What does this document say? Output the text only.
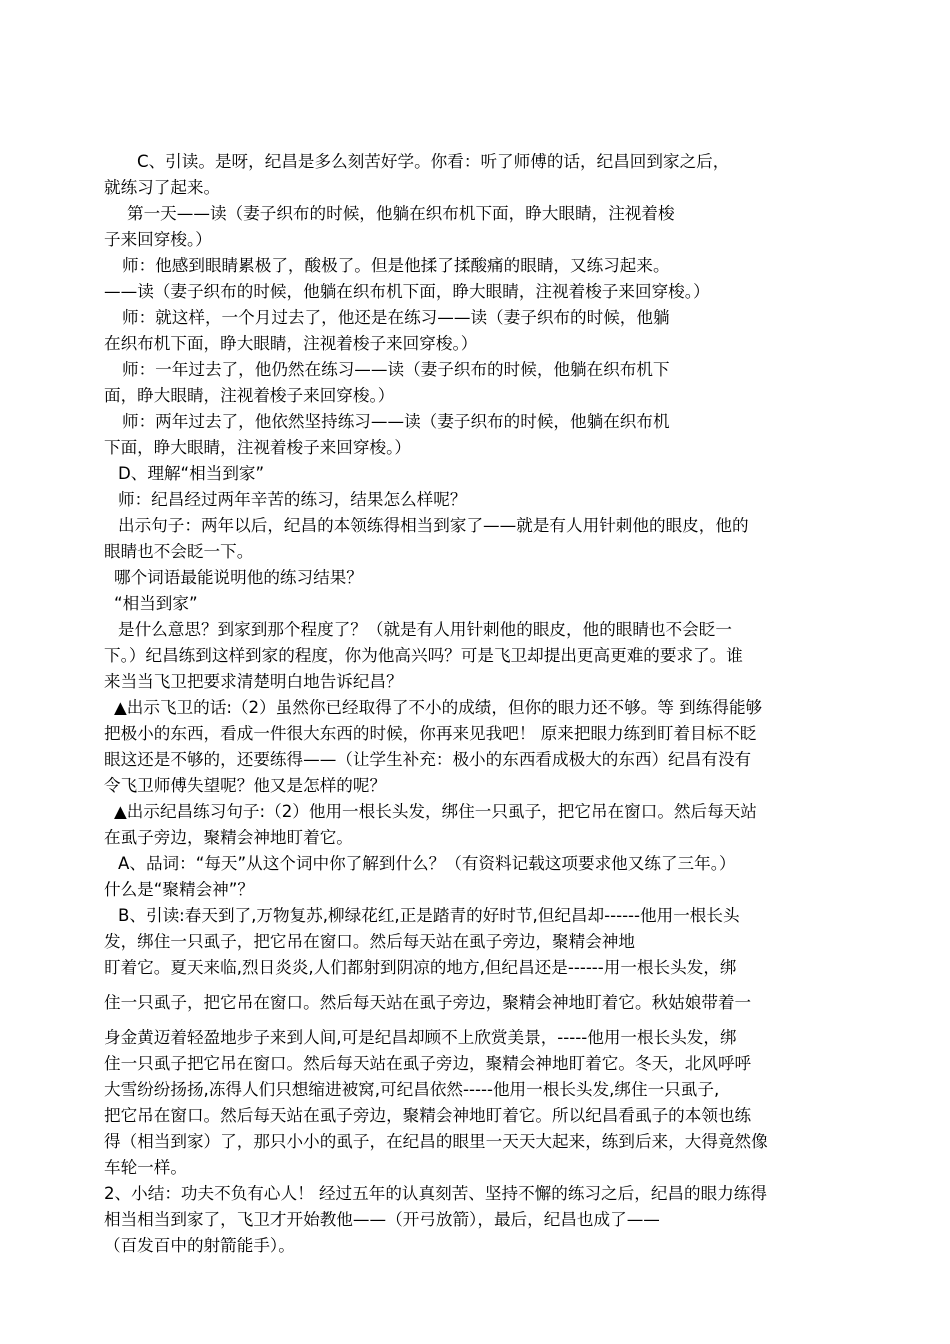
C、引读。是呀，纪昌是多么刻苦好学。你看：听了师傅的话，纪昌回到家之后，
就练习了起来。
第一天——读（妻子织布的时候，他躺在织布机下面，睁大眼睛，注视着梭
子来回穿梭。）
师：他感到眼睛累极了，酸极了。但是他揉了揉酸痛的眼睛，又练习起来。
——读（妻子织布的时候，他躺在织布机下面，睁大眼睛，注视着梭子来回穿梭。）
师：就这样，一个月过去了，他还是在练习——读（妻子织布的时候，他躺
在织布机下面，睁大眼睛，注视着梭子来回穿梭。）
师：一年过去了，他仍然在练习——读（妻子织布的时候，他躺在织布机下
面，睁大眼睛，注视着梭子来回穿梭。）
师：两年过去了，他依然坚持练习——读（妻子织布的时候，他躺在织布机
下面，睁大眼睛，注视着梭子来回穿梭。）
D、理解“相当到家”
师：纪昌经过两年辛苦的练习，结果怎么样呢？
出示句子：两年以后，纪昌的本领练得相当到家了——就是有人用针刺他的眼皮，他的
眼睛也不会眨一下。
哪个词语最能说明他的练习结果？
“相当到家”
是什么意思？到家到那个程度了？（就是有人用针刺他的眼皮，他的眼睛也不会眨一
下。）纪昌练到这样到家的程度，你为他高兴吗？可是飞卫却提出更高更难的要求了。谁
来当当飞卫把要求清楚明白地告诉纪昌？
▲出示飞卫的话:（2）虽然你已经取得了不小的成绩，但你的眼力还不够。等 到练得能够
把极小的东西，看成一件很大东西的时候，你再来见我吧！ 原来把眼力练到盯着目标不眨
眼这还是不够的，还要练得——（让学生补充：极小的东西看成极大的东西）纪昌有没有
令飞卫师傅失望呢？他又是怎样的呢？
▲出示纪昌练习句子:（2）他用一根长头发，绑住一只虱子，把它吊在窗口。然后每天站
在虱子旁边，聚精会神地盯着它。
A、品词：“每天”从这个词中你了解到什么？（有资料记载这项要求他又练了三年。）
什么是“聚精会神”？
B、引读:春天到了,万物复苏,柳绿花红,正是踏青的好时节,但纪昌却------他用一根长头
发，绑住一只虱子，把它吊在窗口。然后每天站在虱子旁边，聚精会神地
盯着它。夏天来临,烈日炎炎,人们都射到阴凉的地方,但纪昌还是------用一根长头发，绑
住一只虱子，把它吊在窗口。然后每天站在虱子旁边，聚精会神地盯着它。秋姑娘带着一
身金黄迈着轻盈地步子来到人间,可是纪昌却顾不上欣赏美景，-----他用一根长头发，绑
住一只虱子把它吊在窗口。然后每天站在虱子旁边，聚精会神地盯着它。冬天，北风呼呼
大雪纷纷扬扬,冻得人们只想缩进被窝,可纪昌依然-----他用一根长头发,绑住一只虱子,
把它吊在窗口。然后每天站在虱子旁边，聚精会神地盯着它。所以纪昌看虱子的本领也练
得（相当到家）了，那只小小的虱子，在纪昌的眼里一天天大起来，练到后来，大得竟然像
车轮一样。
2、小结：功夫不负有心人！ 经过五年的认真刻苦、坚持不懈的练习之后，纪昌的眼力练得
相当相当到家了，飞卫才开始教他——（开弓放箭），最后，纪昌也成了——
（百发百中的射箭能手）。
